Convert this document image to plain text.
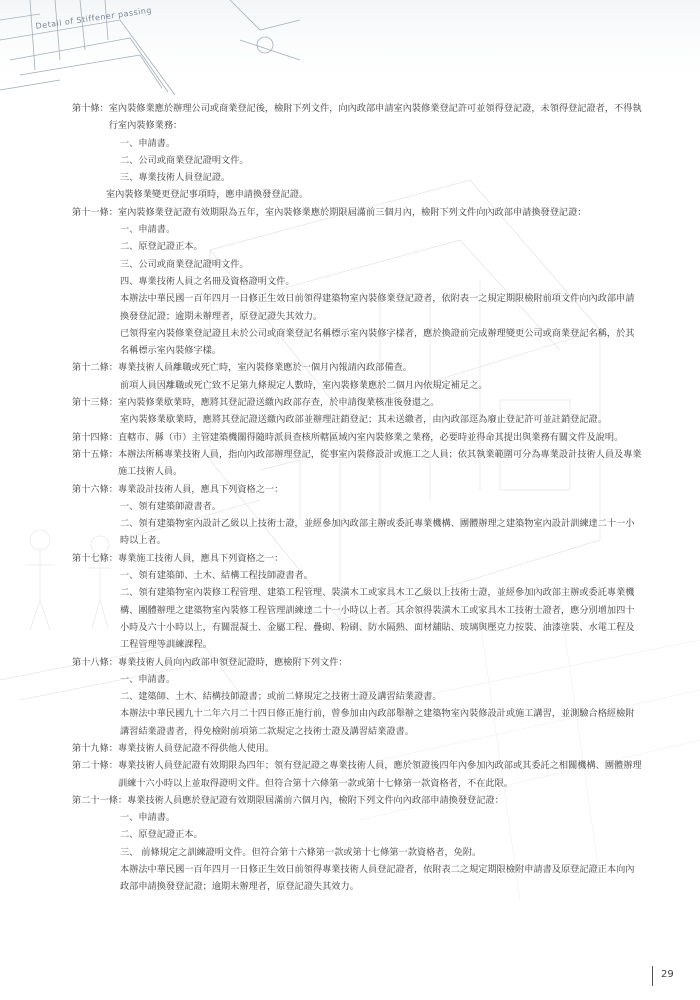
Detail of Stiffener passing
第十條： 室內裝修業應於辦理公司或商業登記後，檢附下列文件，向內政部申請室內裝修業登記許可並領得登記證，未領得登記證者，不得執行室內裝修業務：
一、申請書。
二、公司或商業登記證明文件。
三、專業技術人員登記證。
室內裝修業變更登記事項時，應申請換發登記證。
第十一條： 室內裝修業登記證有效期限為五年，室內裝修業應於期限屆滿前三個月內，檢附下列文件向內政部申請換發登記證：
一、申請書。
二、原登記證正本。
三、公司或商業登記證明文件。
四、專業技術人員之名冊及資格證明文件。
本辦法中華民國一百年四月一日修正生效日前領得建築物室內裝修業登記證者，依附表一之規定期限檢附前項文件向內政部申請換發登記證；逾期未辦理者，原登記證失其效力。
已領得室內裝修業登記證且未於公司或商業登記名稱標示室內裝修字樣者，應於換證前完成辦理變更公司或商業登記名稱，於其名稱標示室內裝修字樣。
第十二條： 專業技術人員離職或死亡時，室內裝修業應於一個月內報請內政部備查。
前項人員因離職或死亡致不足第九條規定人數時，室內裝修業應於二個月內依規定補足之。
第十三條： 室內裝修業歇業時，應將其登記證送繳內政部存查，於申請復業核准後發還之。
室內裝修業歇業時，應將其登記證送繳內政部並辦理註銷登記；其未送繳者，由內政部逕為廢止登記許可並註銷登記證。
第十四條： 直轄市、縣（市）主管建築機關得隨時派員查核所轄區域內室內裝修業之業務，必要時並得命其提出與業務有關文件及說明。
第十五條： 本辦法所稱專業技術人員，指向內政部辦理登記，從事室內裝修設計或施工之人員；依其執業範圍可分為專業設計技術人員及專業施工技術人員。
第十六條： 專業設計技術人員，應具下列資格之一：
一、領有建築師證書者。
二、領有建築物室內設計乙級以上技術士證，並經參加內政部主辦或委託專業機構、團體辦理之建築物室內設計訓練達二十一小時以上者。
第十七條： 專業施工技術人員，應具下列資格之一：
一、領有建築師、土木、結構工程技師證書者。
二、領有建築物室內裝修工程管理、建築工程管理、裝潢木工或家具木工乙級以上技術士證，並經參加內政部主辦或委託專業機構、團體辦理之建築物室內裝修工程管理訓練達二十一小時以上者。其余領得裝潢木工或家具木工技術士證者，應分別增加四十小時及六十小時以上，有關混凝土、金屬工程、疊砌、粉刷、防水隔熱、面材舖貼、玻璃與壓克力按裝、油漆塗裝、水電工程及工程管理等訓練課程。
第十八條： 專業技術人員向內政部申領登記證時，應檢附下列文件：
一、申請書。
二、建築師、土木、結構技師證書；或前二條規定之技術士證及講習結業證書。
本辦法中華民國九十二年六月二十四日修正施行前，曾參加由內政部舉辦之建築物室內裝修設計或施工講習，並測驗合格經檢附講習結業證書者，得免檢附前項第二款規定之技術士證及講習結業證書。
第十九條： 專業技術人員登記證不得供他人使用。
第二十條： 專業技術人員登記證有效期限為四年；領有登記證之專業技術人員，應於領證後四年內參加內政部或其委託之相關機構、團體辦理訓練十六小時以上並取得證明文件。但符合第十六條第一款或第十七條第一款資格者，不在此限。
第二十一條： 專業技術人員應於登記證有效期限屆滿前六個月內，檢附下列文件向內政部申請換發登記證：
一、申請書。
二、原登記證正本。
三、 前條規定之訓練證明文件。但符合第十六條第一款或第十七條第一款資格者，免附。
本辦法中華民國一百年四月一日修正生效日前領得專業技術人員登記證者，依附表二之規定期限檢附申請書及原登記證正本向內政部申請換發登記證；逾期未辦理者，原登記證失其效力。
29
